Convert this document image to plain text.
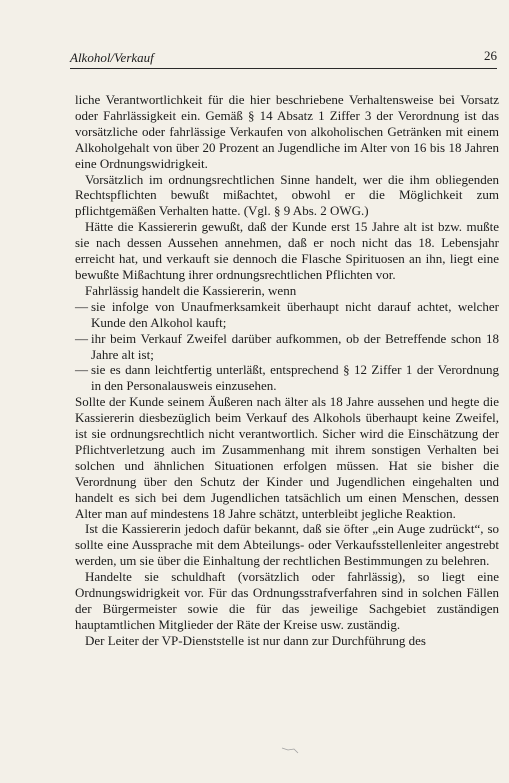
Alkohol/Verkauf	26

liche Verantwortlichkeit für die hier beschriebene Verhaltensweise bei Vorsatz oder Fahrlässigkeit ein. Gemäß § 14 Absatz 1 Ziffer 3 der Verordnung ist das vorsätzliche oder fahrlässige Verkaufen von alkoholischen Getränken mit einem Alkoholgehalt von über 20 Prozent an Jugendliche im Alter von 16 bis 18 Jahren eine Ordnungswidrigkeit.

Vorsätzlich im ordnungsrechtlichen Sinne handelt, wer die ihm obliegenden Rechtspflichten bewußt mißachtet, obwohl er die Möglichkeit zum pflichtgemäßen Verhalten hatte. (Vgl. § 9 Abs. 2 OWG.)

Hätte die Kassiererin gewußt, daß der Kunde erst 15 Jahre alt ist bzw. mußte sie nach dessen Aussehen annehmen, daß er noch nicht das 18. Lebensjahr erreicht hat, und verkauft sie dennoch die Flasche Spirituosen an ihn, liegt eine bewußte Mißachtung ihrer ordnungsrechtlichen Pflichten vor.

Fahrlässig handelt die Kassiererin, wenn

— sie infolge von Unaufmerksamkeit überhaupt nicht darauf achtet, welcher Kunde den Alkohol kauft;
— ihr beim Verkauf Zweifel darüber aufkommen, ob der Betreffende schon 18 Jahre alt ist;
— sie es dann leichtfertig unterläßt, entsprechend § 12 Ziffer 1 der Verordnung in den Personalausweis einzusehen.

Sollte der Kunde seinem Äußeren nach älter als 18 Jahre aussehen und hegte die Kassiererin diesbezüglich beim Verkauf des Alkohols überhaupt keine Zweifel, ist sie ordnungsrechtlich nicht verantwortlich. Sicher wird die Einschätzung der Pflichtverletzung auch im Zusammenhang mit ihrem sonstigen Verhalten bei solchen und ähnlichen Situationen erfolgen müssen. Hat sie bisher die Verordnung über den Schutz der Kinder und Jugendlichen eingehalten und handelt es sich bei dem Jugendlichen tatsächlich um einen Menschen, dessen Alter man auf mindestens 18 Jahre schätzt, unterbleibt jegliche Reaktion.

Ist die Kassiererin jedoch dafür bekannt, daß sie öfter „ein Auge zudrückt“, so sollte eine Aussprache mit dem Abteilungs- oder Verkaufsstellenleiter angestrebt werden, um sie über die Einhaltung der rechtlichen Bestimmungen zu belehren.

Handelte sie schuldhaft (vorsätzlich oder fahrlässig), so liegt eine Ordnungswidrigkeit vor. Für das Ordnungsstrafverfahren sind in solchen Fällen der Bürgermeister sowie die für das jeweilige Sachgebiet zuständigen hauptamtlichen Mitglieder der Räte der Kreise usw. zuständig.

Der Leiter der VP-Dienststelle ist nur dann zur Durchführung des
